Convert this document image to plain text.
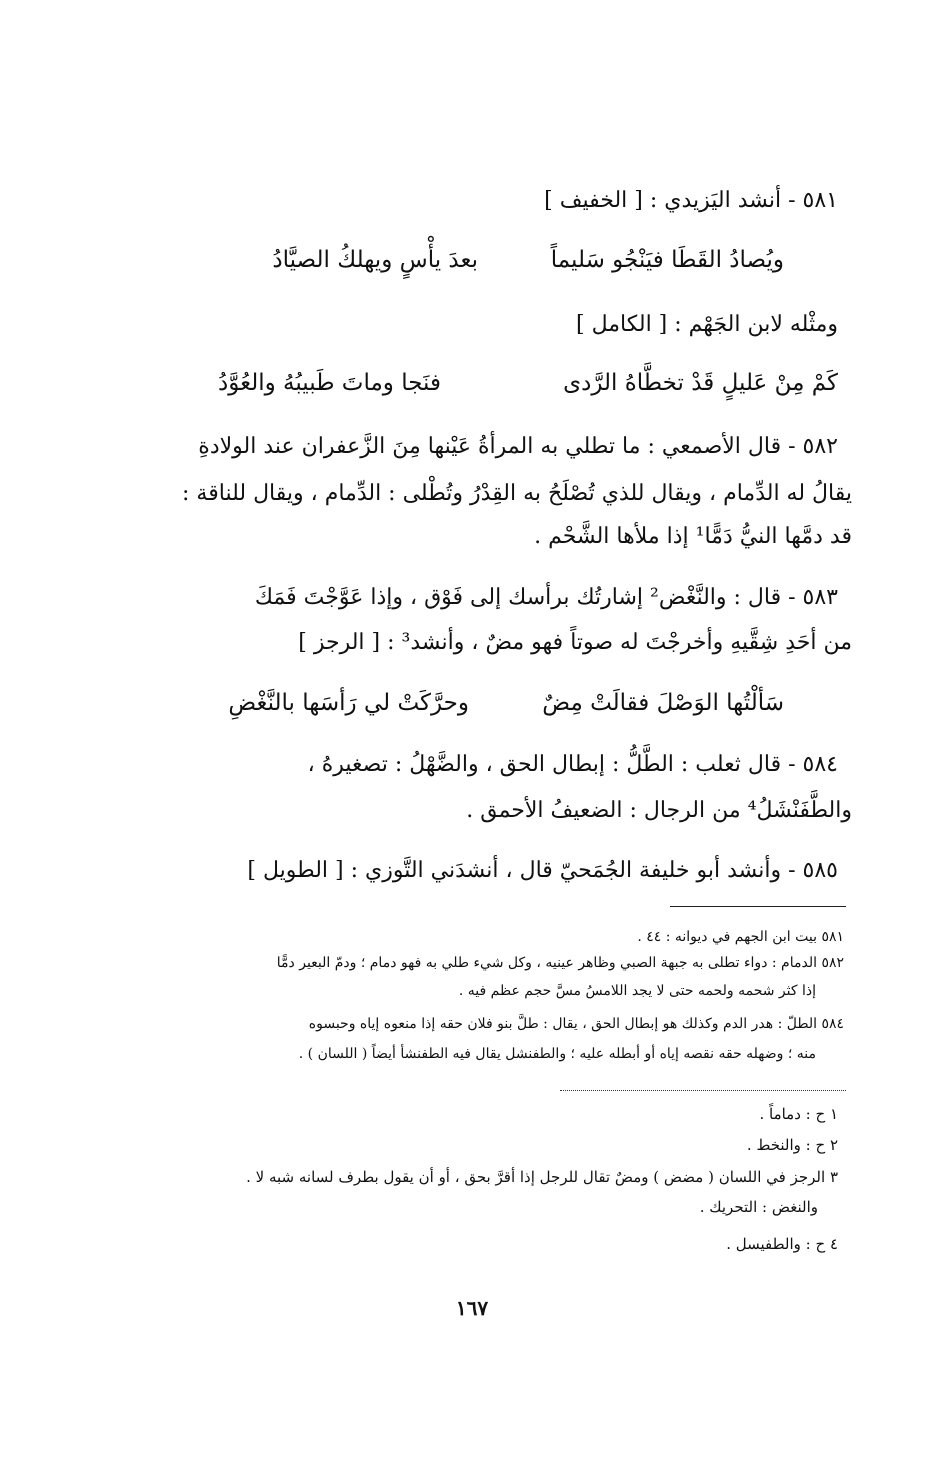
٥٨١ - أنشد اليَزيدي : [ الخفيف ]
ويُصادُ القَطَا فيَنْجُو سَليماً
بعدَ يأْسٍ ويهلكُ الصيَّادُ
ومثْله لابن الجَهْم : [ الكامل ]
كَمْ مِنْ عَليلٍ قَدْ تخطَّاهُ الرَّدى
فنَجا وماتَ طَبيبُهُ والعُوَّدُ
٥٨٢ - قال الأصمعي : ما تطلي به المرأةُ عَيْنها مِنَ الزَّعفران عند الولادةِ
يقالُ له الدِّمام ، ويقال للذي تُصْلَحُ به القِدْرُ وتُطْلى : الدِّمام ، ويقال للناقة :
قد دمَّها النيُّ دَمًّا¹ إذا ملأها الشَّحْم .
٥٨٣ - قال : والنَّغْض² إشارتُك برأسك إلى فَوْق ، وإذا عَوَّجْتَ فَمَكَ
من أحَدِ شِقَّيهِ وأخرجْتَ له صوتاً فهو مضٌ ، وأنشد³ : [ الرجز ]
سَألْتُها الوَصْلَ فقالَتْ مِضٌ
وحرَّكَتْ لي رَأسَها بالنَّغْضِ
٥٨٤ - قال ثعلب : الطَّلُّ : إبطال الحق ، والضَّهْلُ : تصغيرهُ ،
والطَّفَنْشَلُ⁴ من الرجال : الضعيفُ الأحمق .
٥٨٥ - وأنشد أبو خليفة الجُمَحيّ قال ، أنشدَني التَّوزي : [ الطويل ]
٥٨١ بيت ابن الجهم في ديوانه : ٤٤ .
٥٨٢ الدمام : دواء تطلى به جبهة الصبي وظاهر عينيه ، وكل شيء طلي به فهو دمام ؛ ودمّ البعير دمًّا
إذا كثر شحمه ولحمه حتى لا يجد اللامسُ مسَّ حجم عظم فيه .
٥٨٤ الطلّ : هدر الدم وكذلك هو إبطال الحق ، يقال : طلَّ بنو فلان حقه إذا منعوه إياه وحبسوه
منه ؛ وضهله حقه نقصه إياه أو أبطله عليه ؛ والطفنشل يقال فيه الطفنشأ أيضاً ( اللسان ) .
١ ح : دماماً .
٢ ح : والنخط .
٣ الرجز في اللسان ( مضض ) ومضٌ تقال للرجل إذا أقرَّ بحق ، أو أن يقول بطرف لسانه شبه لا .
والنغض : التحريك .
٤ ح : والطفيسل .
١٦٧
